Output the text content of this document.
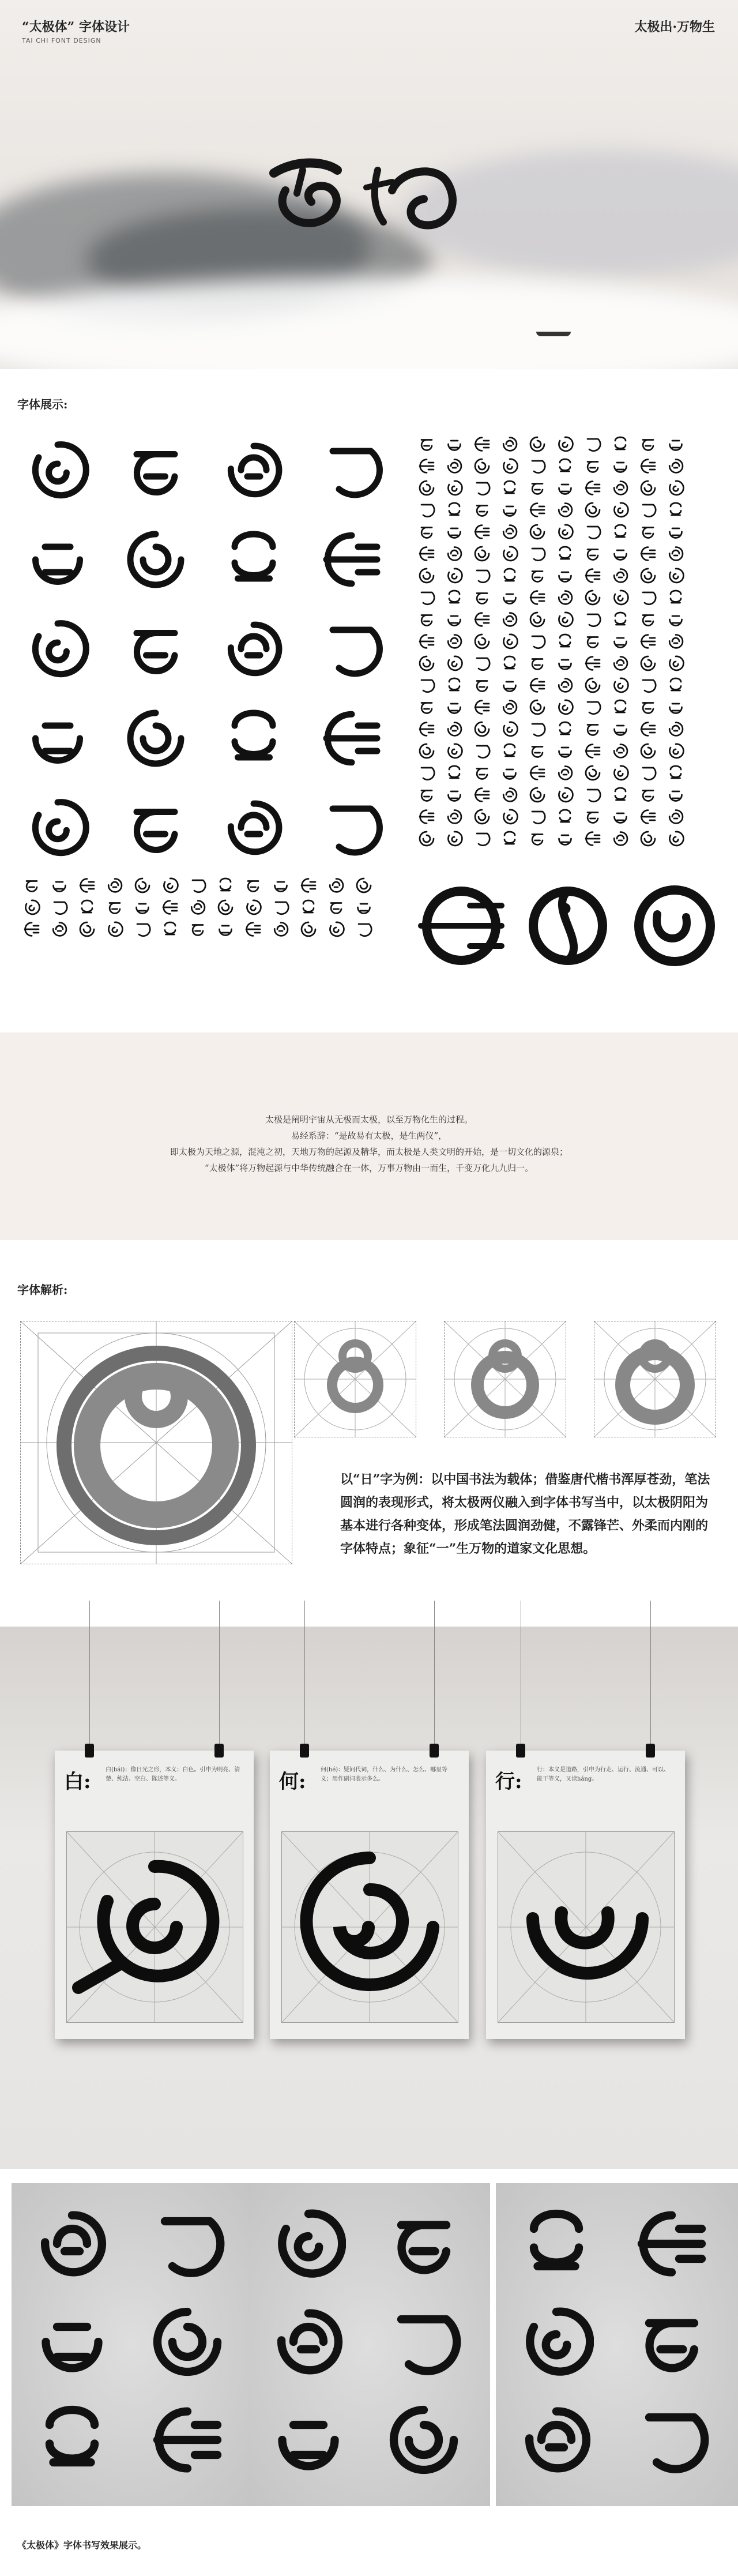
“太极体” 字体设计
TAI CHI FONT DESIGN
太极出·万物生
字体展示:
太极是阐明宇宙从无极而太极，以至万物化生的过程。
易经系辞：“是故易有太极，是生两仪”，
即太极为天地之源，混沌之初，天地万物的起源及精华，而太极是人类文明的开始，是一切文化的源泉；
“太极体”将万物起源与中华传统融合在一体，万事万物由一而生，千变万化九九归一。
字体解析:
以“日”字为例：以中国书法为载体；借鉴唐代楷书浑厚苍劲，笔法圆润的表现形式，将太极两仪融入到字体书写当中，以太极阴阳为基本进行各种变体，形成笔法圆润劲健，不露锋芒、外柔而内刚的字体特点；象征“一”生万物的道家文化思想。
白:
白(bái)：像日光之形，本义：白色。引申为明亮、清楚、纯洁、空白、陈述等义。	何:
何(hé)：疑问代词，什么、为什么、怎么、哪里等义；用作副词表示多么。	行:
行：本义是道路，引申为行走、运行、流通、可以、能干等义，又读háng。
《太极体》字体书写效果展示。
